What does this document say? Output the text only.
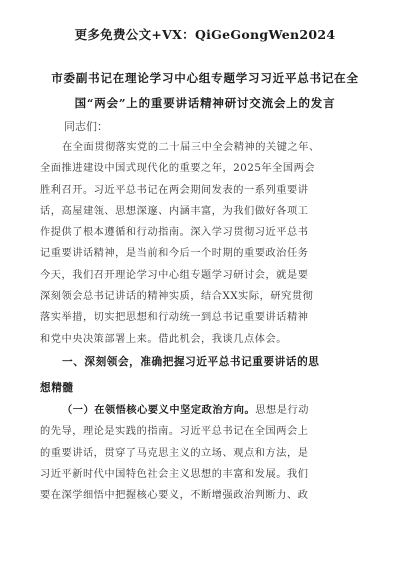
更多免费公文+VX：QiGeGongWen2024
市委副书记在理论学习中心组专题学习习近平总书记在全
国“两会”上的重要讲话精神研讨交流会上的发言
同志们：
在全面贯彻落实党的二十届三中全会精神的关键之年、
全面推进建设中国式现代化的重要之年，2025年全国两会
胜利召开。习近平总书记在两会期间发表的一系列重要讲
话，高屋建瓴、思想深邃、内涵丰富，为我们做好各项工
作提供了根本遵循和行动指南。深入学习贯彻习近平总书
记重要讲话精神，是当前和今后一个时期的重要政治任务
今天，我们召开理论学习中心组专题学习研讨会，就是要
深刻领会总书记讲话的精神实质，结合XX实际，研究贯彻
落实举措，切实把思想和行动统一到总书记重要讲话精神
和党中央决策部署上来。借此机会，我谈几点体会。
一、深刻领会，准确把握习近平总书记重要讲话的思
想精髓
（一）在领悟核心要义中坚定政治方向。思想是行动
的先导，理论是实践的指南。习近平总书记在全国两会上
的重要讲话，贯穿了马克思主义的立场、观点和方法，是
习近平新时代中国特色社会主义思想的丰富和发展。我们
要在深学细悟中把握核心要义，不断增强政治判断力、政
